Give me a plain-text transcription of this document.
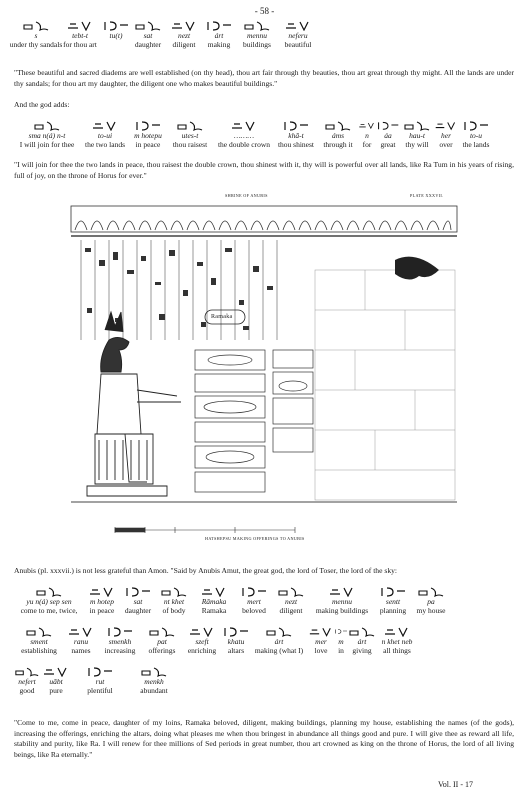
- 58 -
s
under thy sandals
tebt-t
for thou art
tu(t)	sat
daughter
nezt
diligent
árt
making
mennu
buildings
neferu
beautiful
"These beautiful and sacred diadems are well established (on thy head), thou art fair through thy beauties, thou art great through thy might. All the lands are under thy sandals; for thou art my daughter, the diligent one who makes beautiful buildings."
And the god adds:
sma n(á) n-t
I will join for thee
to-ui
the two lands
m hotepu
in peace
utes-t
thou raisest
………
the double crown
khā-t
thou shinest
áms
through it
n
for
áa
great
hau-t
thy will
her
over
to-u
the lands
"I will join for thee the two lands in peace, thou raisest the double crown, thou shinest with it, thy will is powerful over all lands, like Ra Tum in his years of rising, full of joy, on the throne of Horus for ever."
SHRINE OF ANUBIS	PLATE XXXVII.
Ramaka
HATSHEPSU MAKING OFFERINGS TO ANUBIS
Anubis (pl. xxxvii.) is not less grateful than Amon. "Said by Anubis Amut, the great god, the lord of Toser, the lord of the sky:
yu n(á) sep sen
come to me, twice,
m hotep
in peace
sat
daughter
nt khet
of body
Rāmaka
Ramaka
mert
beloved
nezt
diligent
mennu
making buildings
sentt
planning
pa
my house
sment
establishing
ranu
names
smenkh
increasing
pat
offerings
szeft
enriching
khatu
altars
árt
making (what I)
mer
love
m
in
árt
giving
n khet neb
all things
nefert
good
uābt
pure
rut
plentiful
menkh
abundant
"Come to me, come in peace, daughter of my loins, Ramaka beloved, diligent, making buildings, planning my house, establishing the names (of the gods), increasing the offerings, enriching the altars, doing what pleases me when thou bringest in abundance all things good and pure. I will give thee as reward all life, stability and purity, like Ra. I will renew for thee millions of Sed periods in great number, thou art crowned as king on the throne of Horus, the lord of all living beings, like Ra eternally."
Vol. II - 17
